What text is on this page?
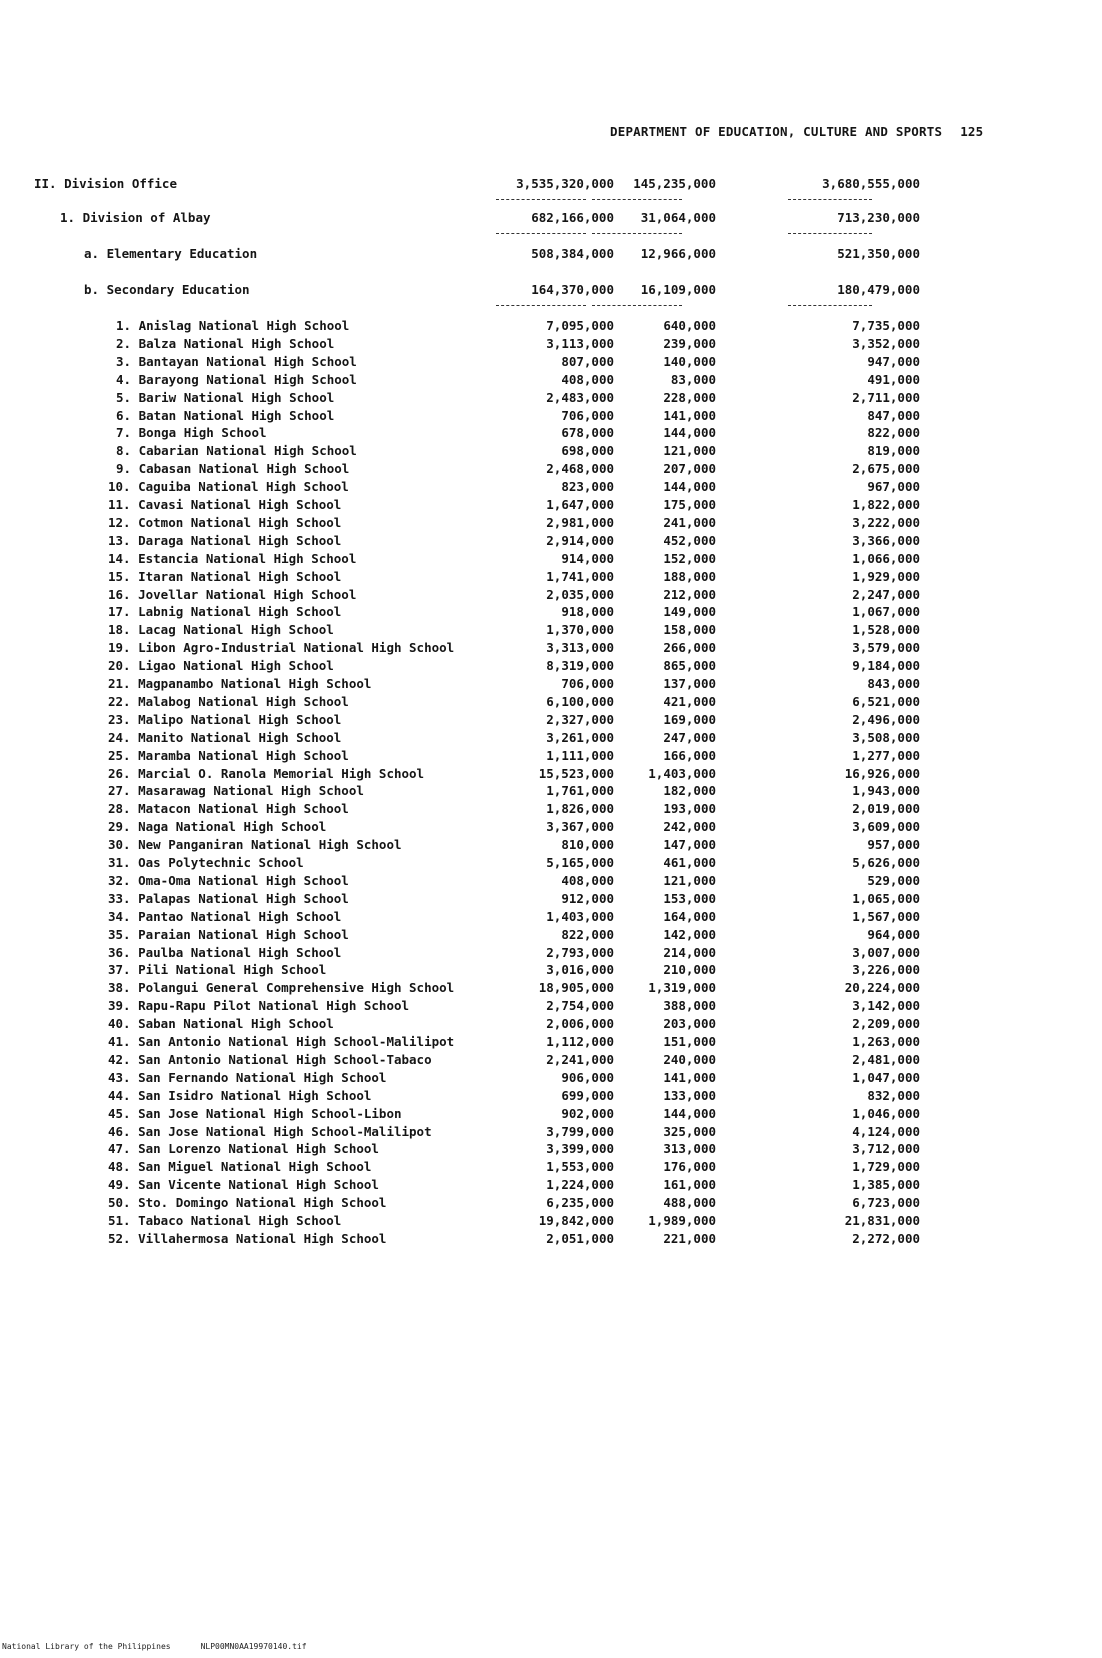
DEPARTMENT OF EDUCATION, CULTURE AND SPORTS 125
II. Division Office	3,535,320,000	145,235,000	3,680,555,000
1. Division of Albay	682,166,000	31,064,000	713,230,000
a. Elementary Education	508,384,000	12,966,000	521,350,000
b. Secondary Education	164,370,000	16,109,000	180,479,000
1. Anislag National High School	7,095,000	640,000	7,735,000
2. Balza National High School	3,113,000	239,000	3,352,000
3. Bantayan National High School	807,000	140,000	947,000
4. Barayong National High School	408,000	83,000	491,000
5. Bariw National High School	2,483,000	228,000	2,711,000
6. Batan National High School	706,000	141,000	847,000
7. Bonga High School	678,000	144,000	822,000
8. Cabarian National High School	698,000	121,000	819,000
9. Cabasan National High School	2,468,000	207,000	2,675,000
10. Caguiba National High School	823,000	144,000	967,000
11. Cavasi National High School	1,647,000	175,000	1,822,000
12. Cotmon National High School	2,981,000	241,000	3,222,000
13. Daraga National High School	2,914,000	452,000	3,366,000
14. Estancia National High School	914,000	152,000	1,066,000
15. Itaran National High School	1,741,000	188,000	1,929,000
16. Jovellar National High School	2,035,000	212,000	2,247,000
17. Labnig National High School	918,000	149,000	1,067,000
18. Lacag National High School	1,370,000	158,000	1,528,000
19. Libon Agro-Industrial National High School	3,313,000	266,000	3,579,000
20. Ligao National High School	8,319,000	865,000	9,184,000
21. Magpanambo National High School	706,000	137,000	843,000
22. Malabog National High School	6,100,000	421,000	6,521,000
23. Malipo National High School	2,327,000	169,000	2,496,000
24. Manito National High School	3,261,000	247,000	3,508,000
25. Maramba National High School	1,111,000	166,000	1,277,000
26. Marcial O. Ranola Memorial High School	15,523,000	1,403,000	16,926,000
27. Masarawag National High School	1,761,000	182,000	1,943,000
28. Matacon National High School	1,826,000	193,000	2,019,000
29. Naga National High School	3,367,000	242,000	3,609,000
30. New Panganiran National High School	810,000	147,000	957,000
31. Oas Polytechnic School	5,165,000	461,000	5,626,000
32. Oma-Oma National High School	408,000	121,000	529,000
33. Palapas National High School	912,000	153,000	1,065,000
34. Pantao National High School	1,403,000	164,000	1,567,000
35. Paraian National High School	822,000	142,000	964,000
36. Paulba National High School	2,793,000	214,000	3,007,000
37. Pili National High School	3,016,000	210,000	3,226,000
38. Polangui General Comprehensive High School	18,905,000	1,319,000	20,224,000
39. Rapu-Rapu Pilot National High School	2,754,000	388,000	3,142,000
40. Saban National High School	2,006,000	203,000	2,209,000
41. San Antonio National High School-Malilipot	1,112,000	151,000	1,263,000
42. San Antonio National High School-Tabaco	2,241,000	240,000	2,481,000
43. San Fernando National High School	906,000	141,000	1,047,000
44. San Isidro National High School	699,000	133,000	832,000
45. San Jose National High School-Libon	902,000	144,000	1,046,000
46. San Jose National High School-Malilipot	3,799,000	325,000	4,124,000
47. San Lorenzo National High School	3,399,000	313,000	3,712,000
48. San Miguel National High School	1,553,000	176,000	1,729,000
49. San Vicente National High School	1,224,000	161,000	1,385,000
50. Sto. Domingo National High School	6,235,000	488,000	6,723,000
51. Tabaco National High School	19,842,000	1,989,000	21,831,000
52. Villahermosa National High School	2,051,000	221,000	2,272,000
National Library of the Philippines	NLP00MN0AA19970140.tif
